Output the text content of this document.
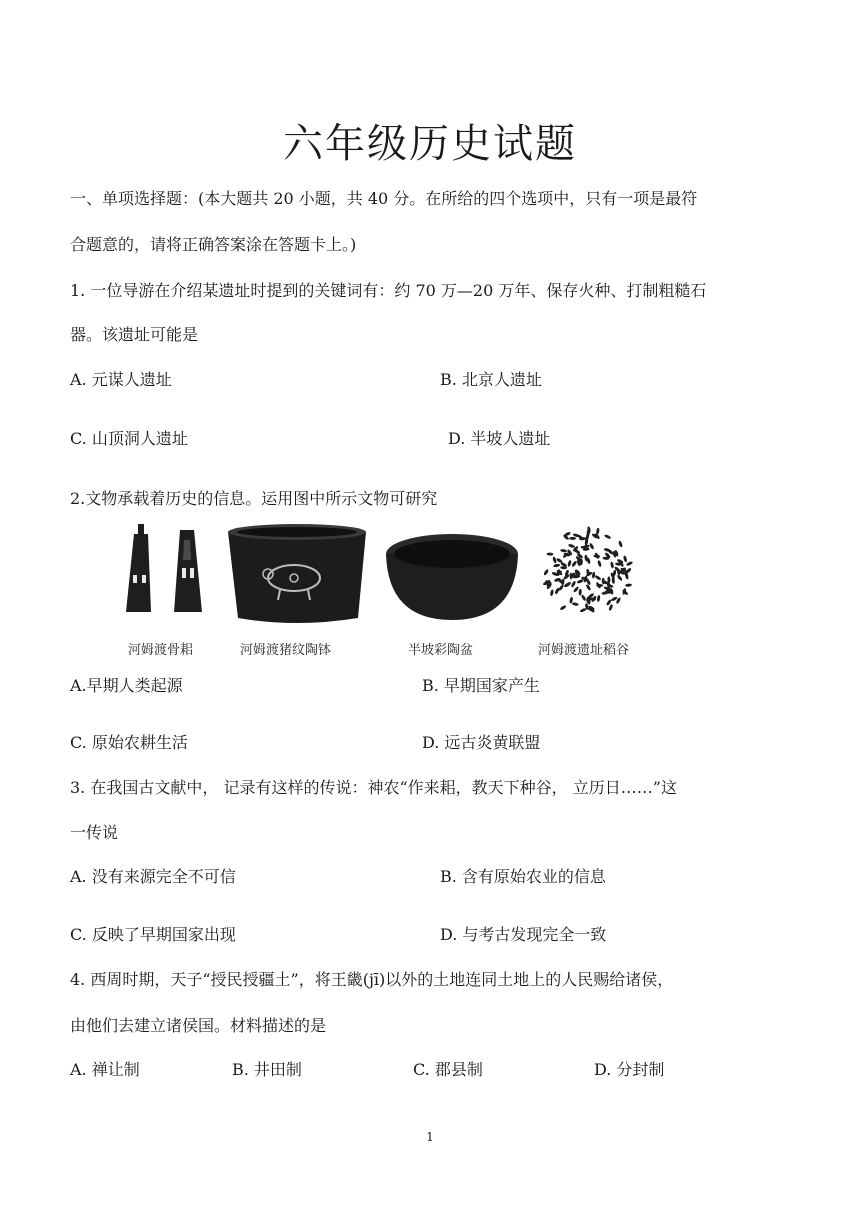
六年级历史试题
一、单项选择题：(本大题共 20 小题，共 40 分。在所给的四个选项中，只有一项是最符
合题意的，请将正确答案涂在答题卡上。)
1. 一位导游在介绍某遗址时提到的关键词有：约 70 万—20 万年、保存火种、打制粗糙石
器。该遗址可能是
A. 元谋人遗址	B. 北京人遗址
C. 山顶洞人遗址	D. 半坡人遗址
2.文物承载着历史的信息。运用图中所示文物可研究
河姆渡骨耜	河姆渡猪纹陶钵	半坡彩陶盆	河姆渡遗址稻谷
A.早期人类起源	B. 早期国家产生
C. 原始农耕生活	D. 远古炎黄联盟
3. 在我国古文献中， 记录有这样的传说：神农“作来耜，教天下种谷， 立历日……”这
一传说
A. 没有来源完全不可信	B. 含有原始农业的信息
C. 反映了早期国家出现	D. 与考古发现完全一致
4. 西周时期，天子“授民授疆土”，将王畿(jī)以外的土地连同土地上的人民赐给诸侯，
由他们去建立诸侯国。材料描述的是
A. 禅让制	B. 井田制	C. 郡县制	D. 分封制
1
